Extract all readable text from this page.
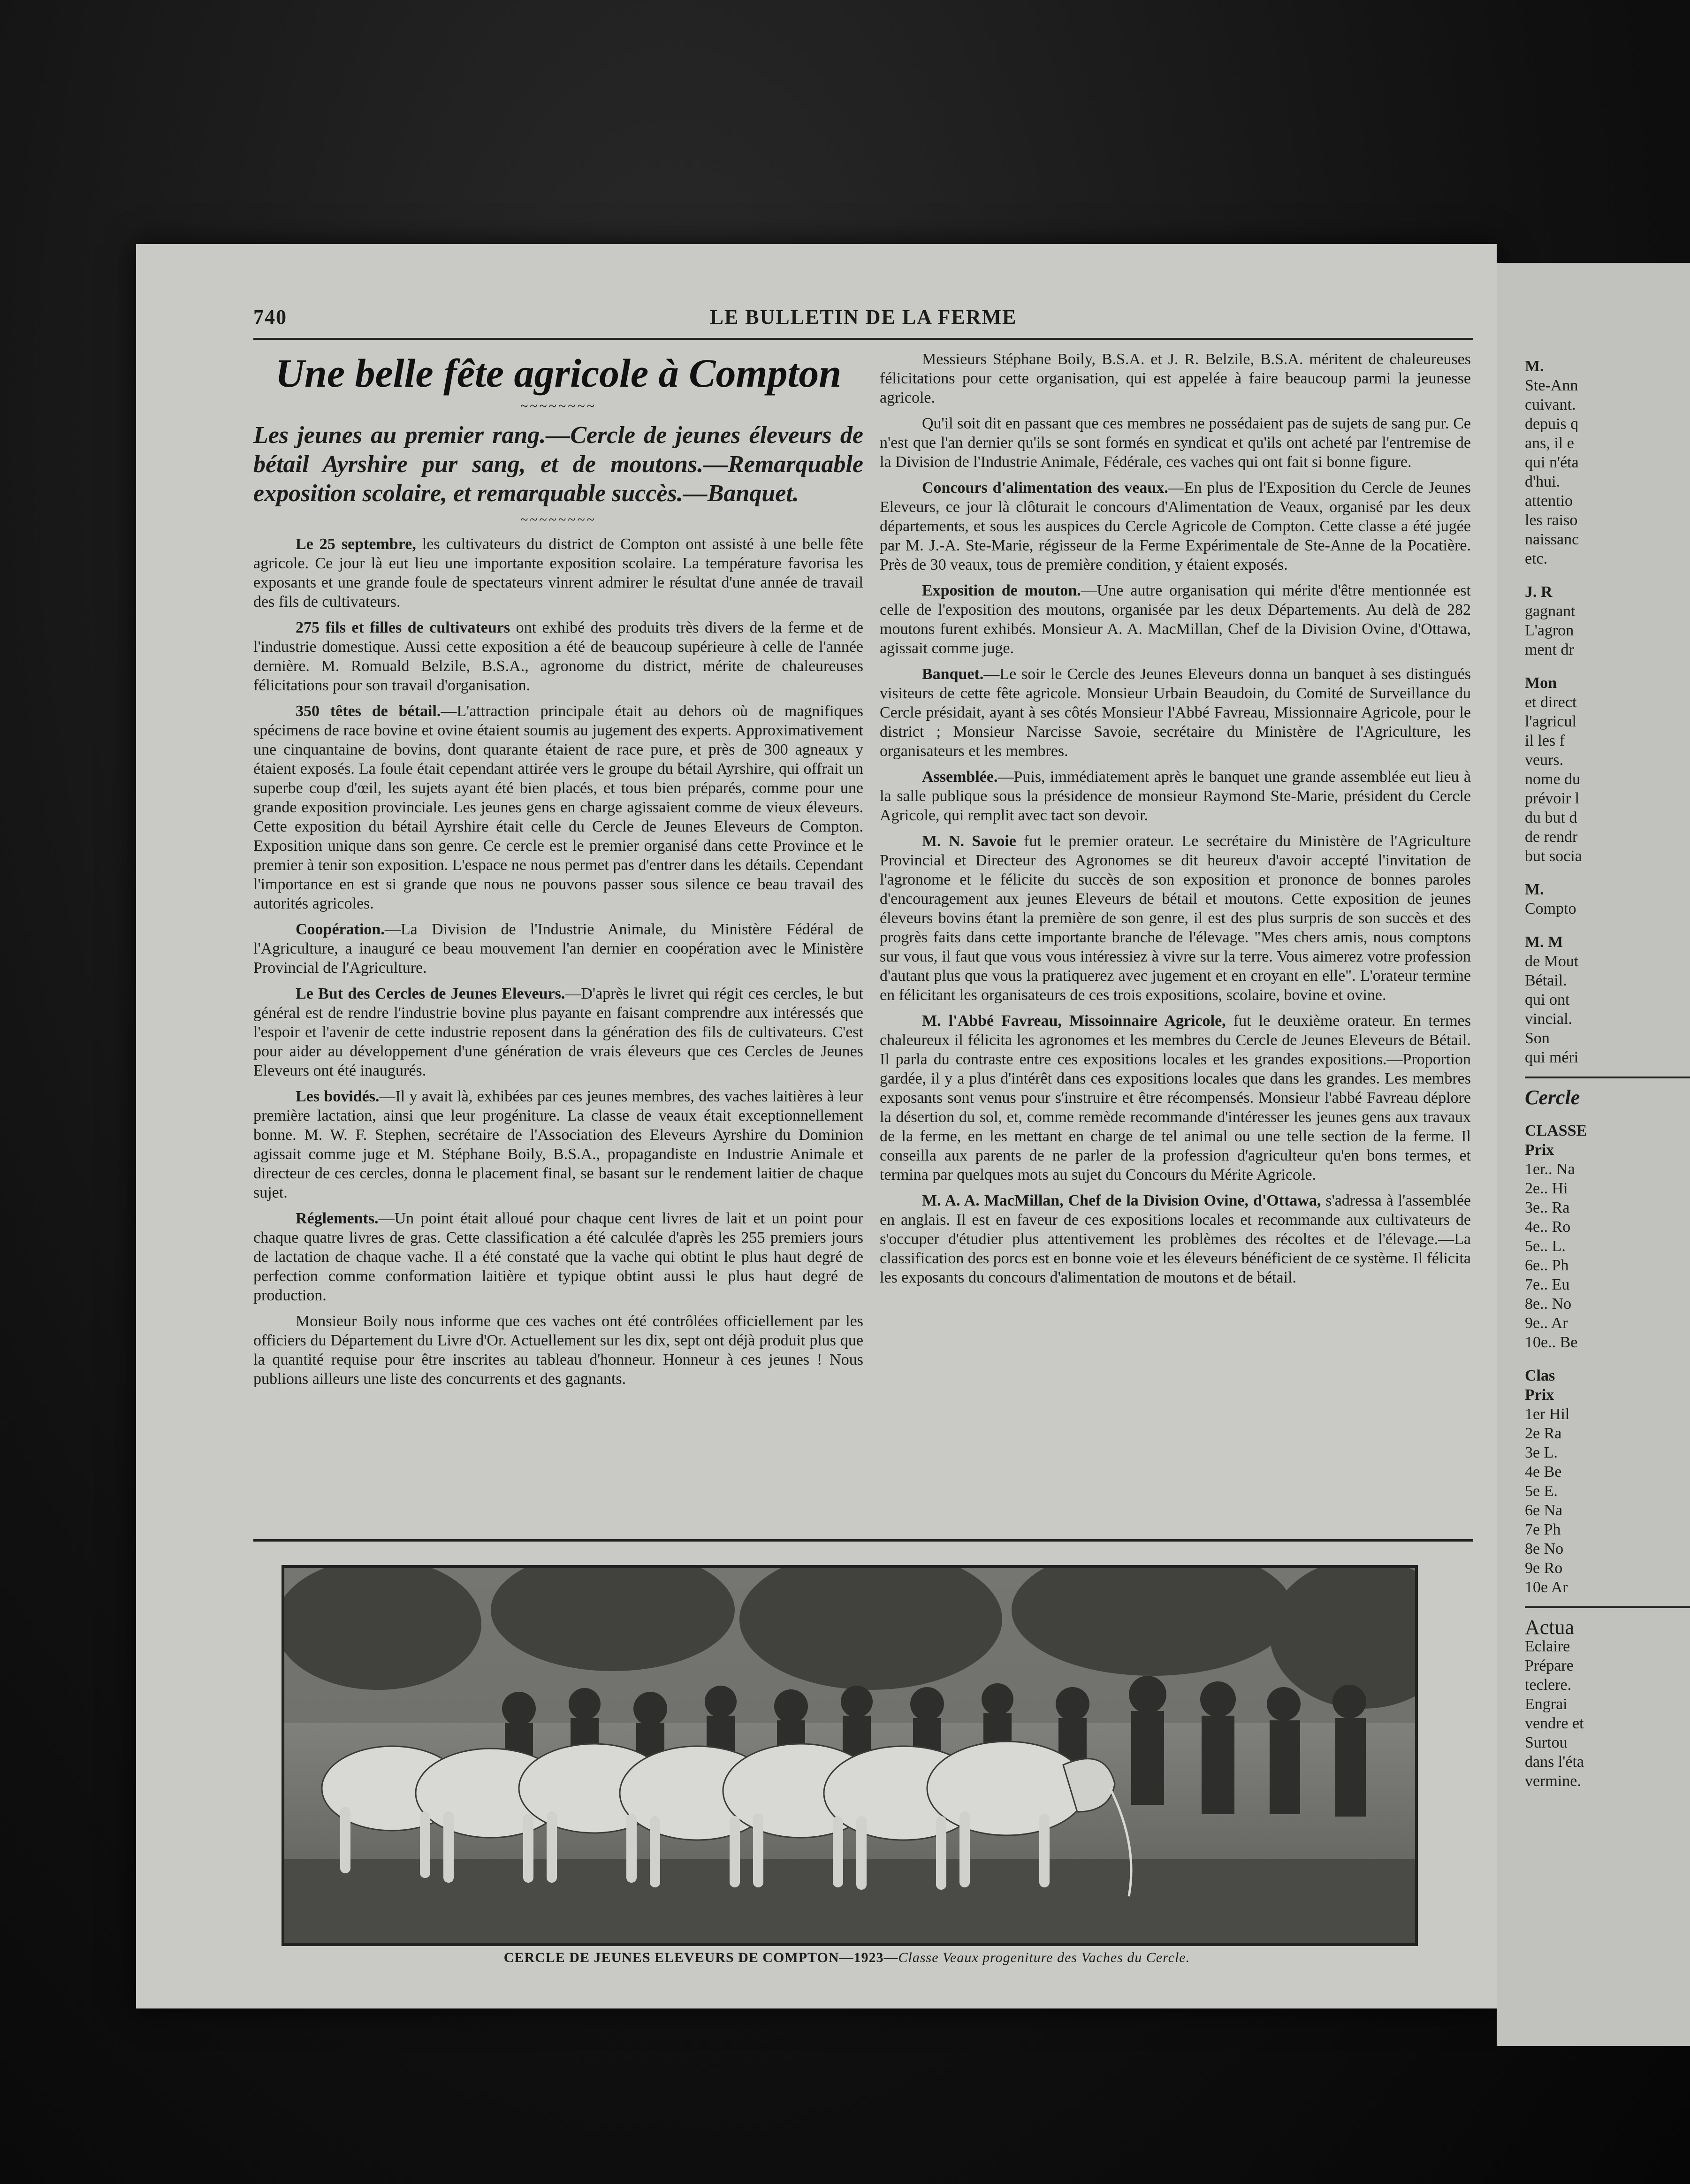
740	LE BULLETIN DE LA FERME
Une belle fête agricole à Compton
~~~~~~~~
Les jeunes au premier rang.—Cercle de jeunes éleveurs de bétail Ayrshire pur sang, et de moutons.—Remarquable exposition scolaire, et remarquable succès.—Banquet.
~~~~~~~~

Le 25 septembre, les cultivateurs du district de Compton ont assisté à une belle fête agricole. Ce jour là eut lieu une importante exposition scolaire. La température favorisa les exposants et une grande foule de spectateurs vinrent admirer le résultat d'une année de travail des fils de cultivateurs.

275 fils et filles de cultivateurs ont exhibé des produits très divers de la ferme et de l'industrie domestique. Aussi cette exposition a été de beaucoup supérieure à celle de l'année dernière. M. Romuald Belzile, B.S.A., agronome du district, mérite de chaleureuses félicitations pour son travail d'organisation.

350 têtes de bétail.—L'attraction principale était au dehors où de magnifiques spécimens de race bovine et ovine étaient soumis au jugement des experts. Approximativement une cinquantaine de bovins, dont quarante étaient de race pure, et près de 300 agneaux y étaient exposés. La foule était cependant attirée vers le groupe du bétail Ayrshire, qui offrait un superbe coup d'œil, les sujets ayant été bien placés, et tous bien préparés, comme pour une grande exposition provinciale. Les jeunes gens en charge agissaient comme de vieux éleveurs. Cette exposition du bétail Ayrshire était celle du Cercle de Jeunes Eleveurs de Compton. Exposition unique dans son genre. Ce cercle est le premier organisé dans cette Province et le premier à tenir son exposition. L'espace ne nous permet pas d'entrer dans les détails. Cependant l'importance en est si grande que nous ne pouvons passer sous silence ce beau travail des autorités agricoles.

Coopération.—La Division de l'Industrie Animale, du Ministère Fédéral de l'Agriculture, a inauguré ce beau mouvement l'an dernier en coopération avec le Ministère Provincial de l'Agriculture.

Le But des Cercles de Jeunes Eleveurs.—D'après le livret qui régit ces cercles, le but général est de rendre l'industrie bovine plus payante en faisant comprendre aux intéressés que l'espoir et l'avenir de cette industrie reposent dans la génération des fils de cultivateurs. C'est pour aider au développement d'une génération de vrais éleveurs que ces Cercles de Jeunes Eleveurs ont été inaugurés.

Les bovidés.—Il y avait là, exhibées par ces jeunes membres, des vaches laitières à leur première lactation, ainsi que leur progéniture. La classe de veaux était exceptionnellement bonne. M. W. F. Stephen, secrétaire de l'Association des Eleveurs Ayrshire du Dominion agissait comme juge et M. Stéphane Boily, B.S.A., propagandiste en Industrie Animale et directeur de ces cercles, donna le placement final, se basant sur le rendement laitier de chaque sujet.

Réglements.—Un point était alloué pour chaque cent livres de lait et un point pour chaque quatre livres de gras. Cette classification a été calculée d'après les 255 premiers jours de lactation de chaque vache. Il a été constaté que la vache qui obtint le plus haut degré de perfection comme conformation laitière et typique obtint aussi le plus haut degré de production.

Monsieur Boily nous informe que ces vaches ont été contrôlées officiellement par les officiers du Département du Livre d'Or. Actuellement sur les dix, sept ont déjà produit plus que la quantité requise pour être inscrites au tableau d'honneur. Honneur à ces jeunes ! Nous publions ailleurs une liste des concurrents et des gagnants.

Messieurs Stéphane Boily, B.S.A. et J. R. Belzile, B.S.A. méritent de chaleureuses félicitations pour cette organisation, qui est appelée à faire beaucoup parmi la jeunesse agricole.

Qu'il soit dit en passant que ces membres ne possédaient pas de sujets de sang pur. Ce n'est que l'an dernier qu'ils se sont formés en syndicat et qu'ils ont acheté par l'entremise de la Division de l'Industrie Animale, Fédérale, ces vaches qui ont fait si bonne figure.

Concours d'alimentation des veaux.—En plus de l'Exposition du Cercle de Jeunes Eleveurs, ce jour là clôturait le concours d'Alimentation de Veaux, organisé par les deux départements, et sous les auspices du Cercle Agricole de Compton. Cette classe a été jugée par M. J.-A. Ste-Marie, régisseur de la Ferme Expérimentale de Ste-Anne de la Pocatière. Près de 30 veaux, tous de première condition, y étaient exposés.

Exposition de mouton.—Une autre organisation qui mérite d'être mentionnée est celle de l'exposition des moutons, organisée par les deux Départements. Au delà de 282 moutons furent exhibés. Monsieur A. A. MacMillan, Chef de la Division Ovine, d'Ottawa, agissait comme juge.

Banquet.—Le soir le Cercle des Jeunes Eleveurs donna un banquet à ses distingués visiteurs de cette fête agricole. Monsieur Urbain Beaudoin, du Comité de Surveillance du Cercle présidait, ayant à ses côtés Monsieur l'Abbé Favreau, Missionnaire Agricole, pour le district ; Monsieur Narcisse Savoie, secrétaire du Ministère de l'Agriculture, les organisateurs et les membres.

Assemblée.—Puis, immédiatement après le banquet une grande assemblée eut lieu à la salle publique sous la présidence de monsieur Raymond Ste-Marie, président du Cercle Agricole, qui remplit avec tact son devoir.

M. N. Savoie fut le premier orateur. Le secrétaire du Ministère de l'Agriculture Provincial et Directeur des Agronomes se dit heureux d'avoir accepté l'invitation de l'agronome et le félicite du succès de son exposition et prononce de bonnes paroles d'encouragement aux jeunes Eleveurs de bétail et moutons. Cette exposition de jeunes éleveurs bovins étant la première de son genre, il est des plus surpris de son succès et des progrès faits dans cette importante branche de l'élevage. "Mes chers amis, nous comptons sur vous, il faut que vous vous intéressiez à vivre sur la terre. Vous aimerez votre profession d'autant plus que vous la pratiquerez avec jugement et en croyant en elle". L'orateur termine en félicitant les organisateurs de ces trois expositions, scolaire, bovine et ovine.

M. l'Abbé Favreau, Missoinnaire Agricole, fut le deuxième orateur. En termes chaleureux il félicita les agronomes et les membres du Cercle de Jeunes Eleveurs de Bétail. Il parla du contraste entre ces expositions locales et les grandes expositions.—Proportion gardée, il y a plus d'intérêt dans ces expositions locales que dans les grandes. Les membres exposants sont venus pour s'instruire et être récompensés. Monsieur l'abbé Favreau déplore la désertion du sol, et, comme remède recommande d'intéresser les jeunes gens aux travaux de la ferme, en les mettant en charge de tel animal ou une telle section de la ferme. Il conseilla aux parents de ne parler de la profession d'agriculteur qu'en bons termes, et termina par quelques mots au sujet du Concours du Mérite Agricole.

M. A. A. MacMillan, Chef de la Division Ovine, d'Ottawa, s'adressa à l'assemblée en anglais. Il est en faveur de ces expositions locales et recommande aux cultivateurs de s'occuper d'étudier plus attentivement les problèmes des récoltes et de l'élevage.—La classification des porcs est en bonne voie et les éleveurs bénéficient de ce système. Il félicita les exposants du concours d'alimentation de moutons et de bétail.

CERCLE DE JEUNES ELEVEURS DE COMPTON—1923—Classe Veaux progeniture des Vaches du Cercle.
M.
Ste-Ann
cuivant.
depuis q
ans, il e
qui n'éta
d'hui.
attentio
les raiso
naissanc
etc.
J. R
gagnant
L'agron
ment dr
Mon
et direct
l'agricul
il les f
veurs.
nome du
prévoir l
du but d
de rendr
but socia
M.
Compto
M. M
de Mout
Bétail.
qui ont
vincial.
Son
qui méri
Cercle
CLASSE
Prix
1er.. Na
2e.. Hi
3e.. Ra
4e.. Ro
5e.. L.
6e.. Ph
7e.. Eu
8e.. No
9e.. Ar
10e.. Be
Clas
Prix
1er Hil
2e Ra
3e L.
4e Be
5e E.
6e Na
7e Ph
8e No
9e Ro
10e Ar
Actua
Eclaire
Prépare
teclere.
Engrai
vendre et
Surtou
dans l'éta
vermine.
